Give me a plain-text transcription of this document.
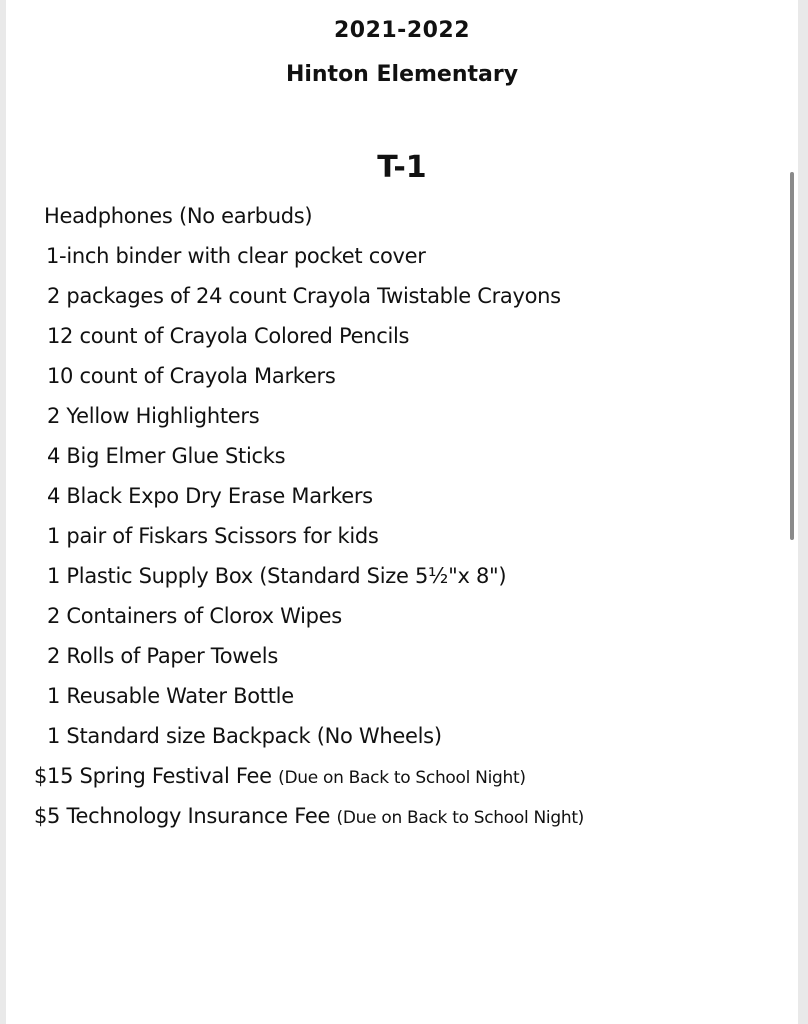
2021-2022
Hinton Elementary
T-1
Headphones (No earbuds)
1-inch binder with clear pocket cover
2 packages of 24 count Crayola Twistable Crayons
12 count of Crayola Colored Pencils
10 count of Crayola Markers
2 Yellow Highlighters
4 Big Elmer Glue Sticks
4 Black Expo Dry Erase Markers
1 pair of Fiskars Scissors for kids
1 Plastic Supply Box (Standard Size 5½"x 8")
2 Containers of Clorox Wipes
2 Rolls of Paper Towels
1 Reusable Water Bottle
1 Standard size Backpack (No Wheels)
$15 Spring Festival Fee (Due on Back to School Night)
$5 Technology Insurance Fee (Due on Back to School Night)
